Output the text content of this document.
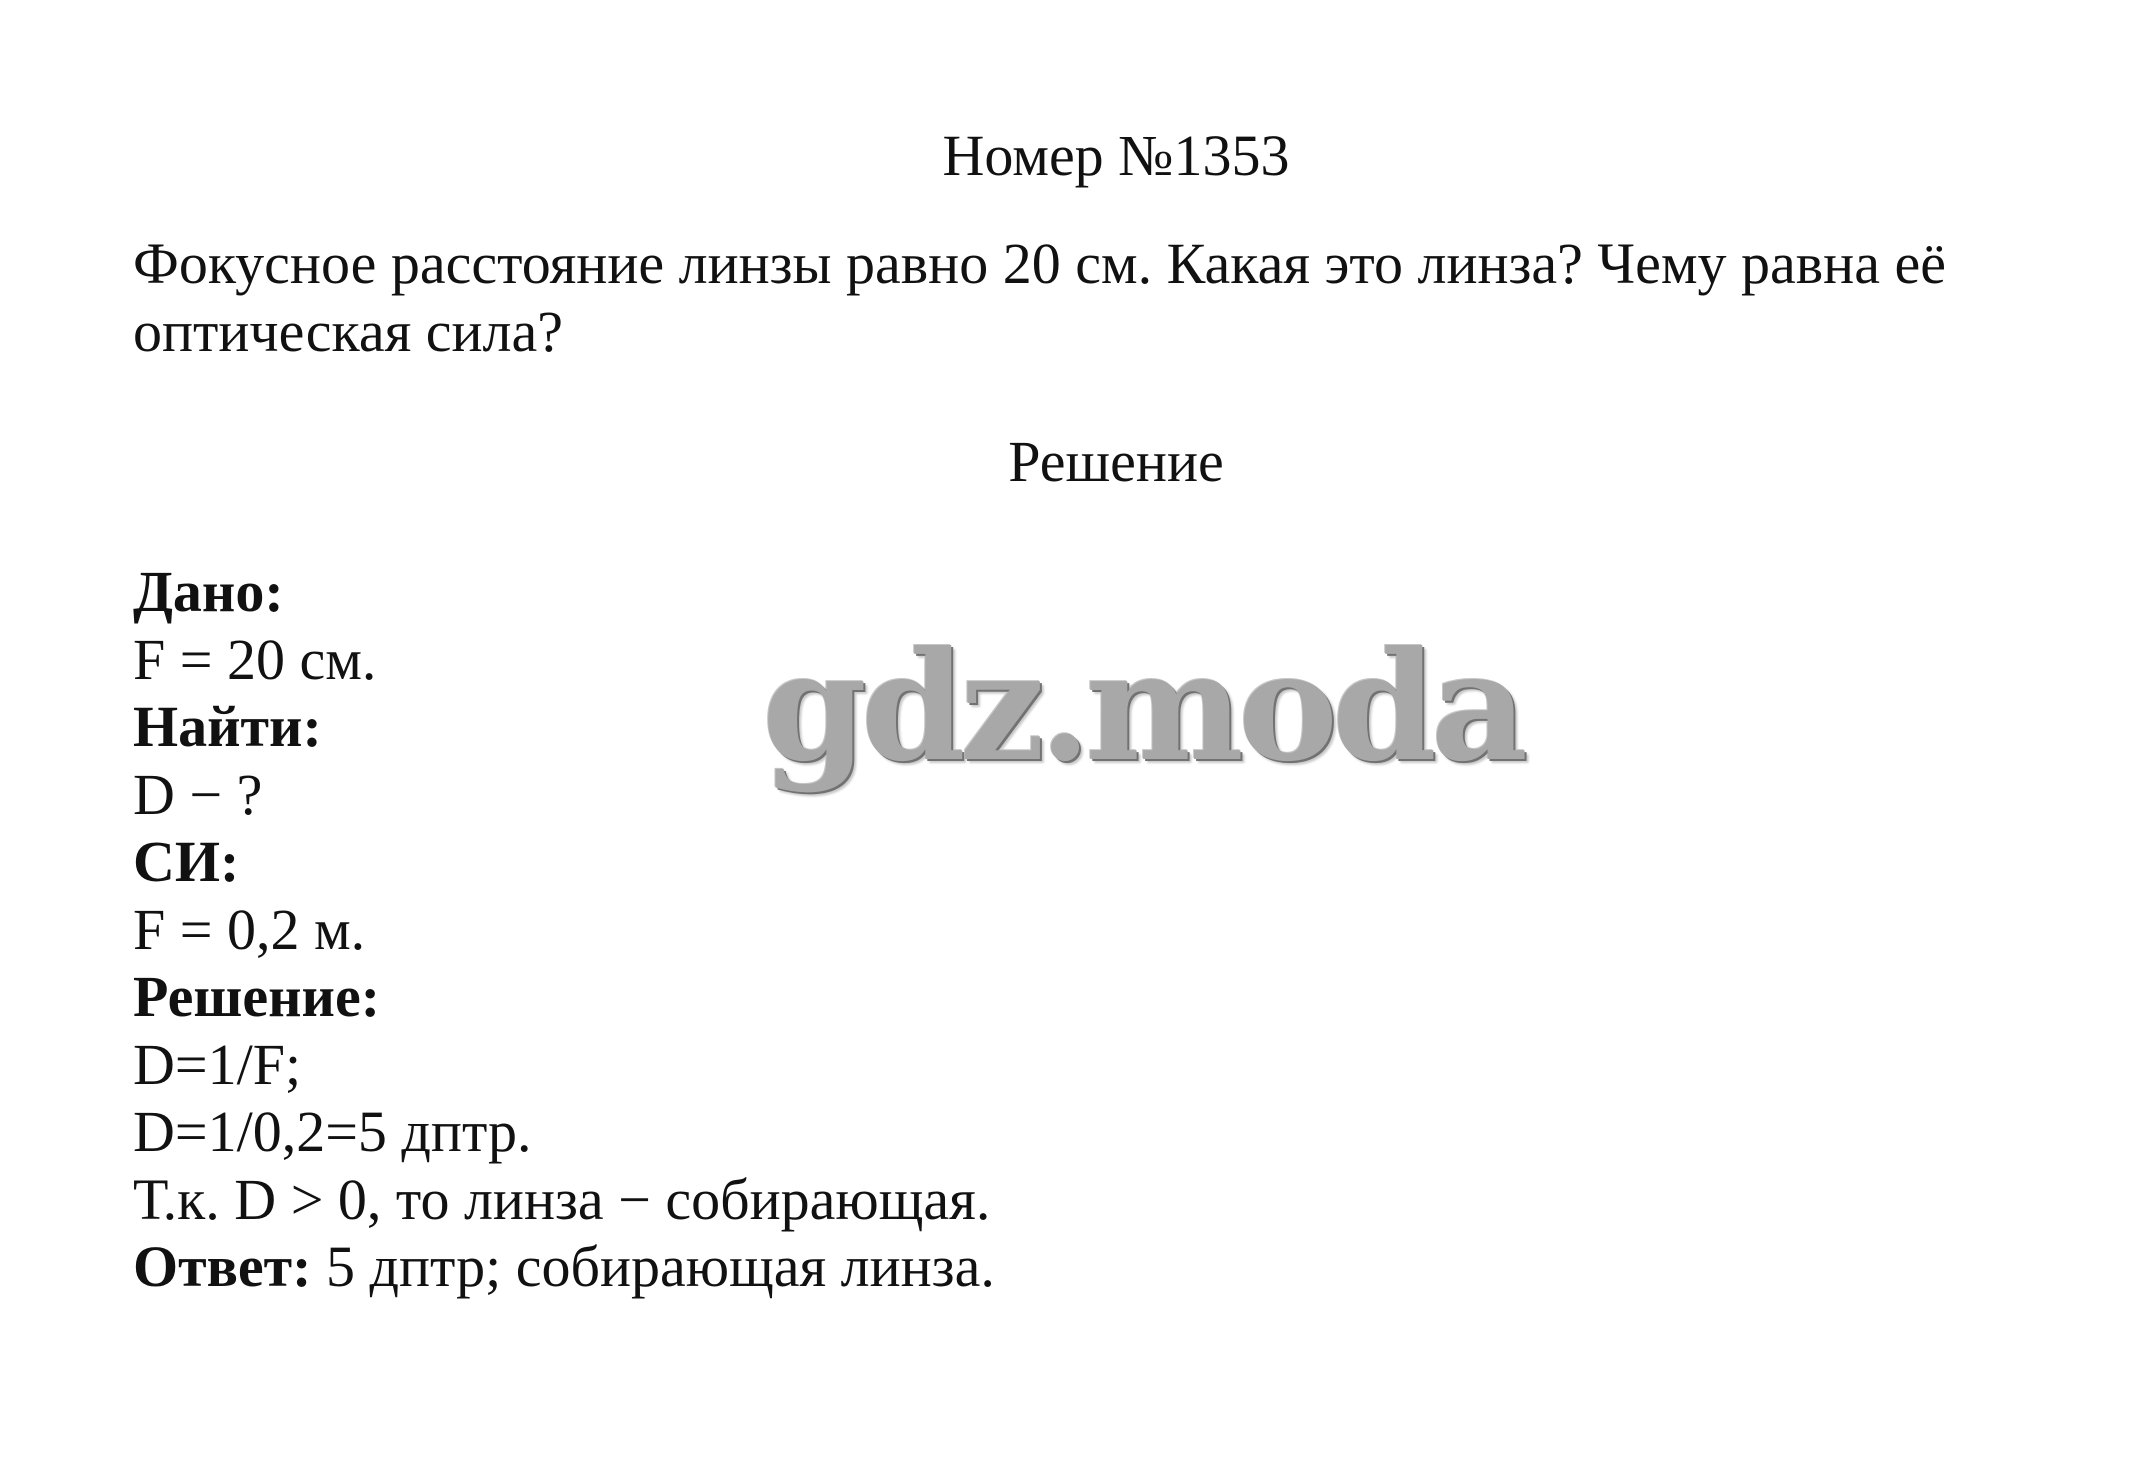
Номер №1353

Фокусное расстояние линзы равно 20 см. Какая это линза? Чему равна её

оптическая сила?

Решение
Дано:
F = 20 см.
Найти:
D − ?
СИ:
F = 0,2 м.
Решение:
D=1/F;
D=1/0,2=5 дптр.
Т.к. D > 0, то линза − собирающая.
Ответ: 5 дптр; собирающая линза.
gdz.moda
